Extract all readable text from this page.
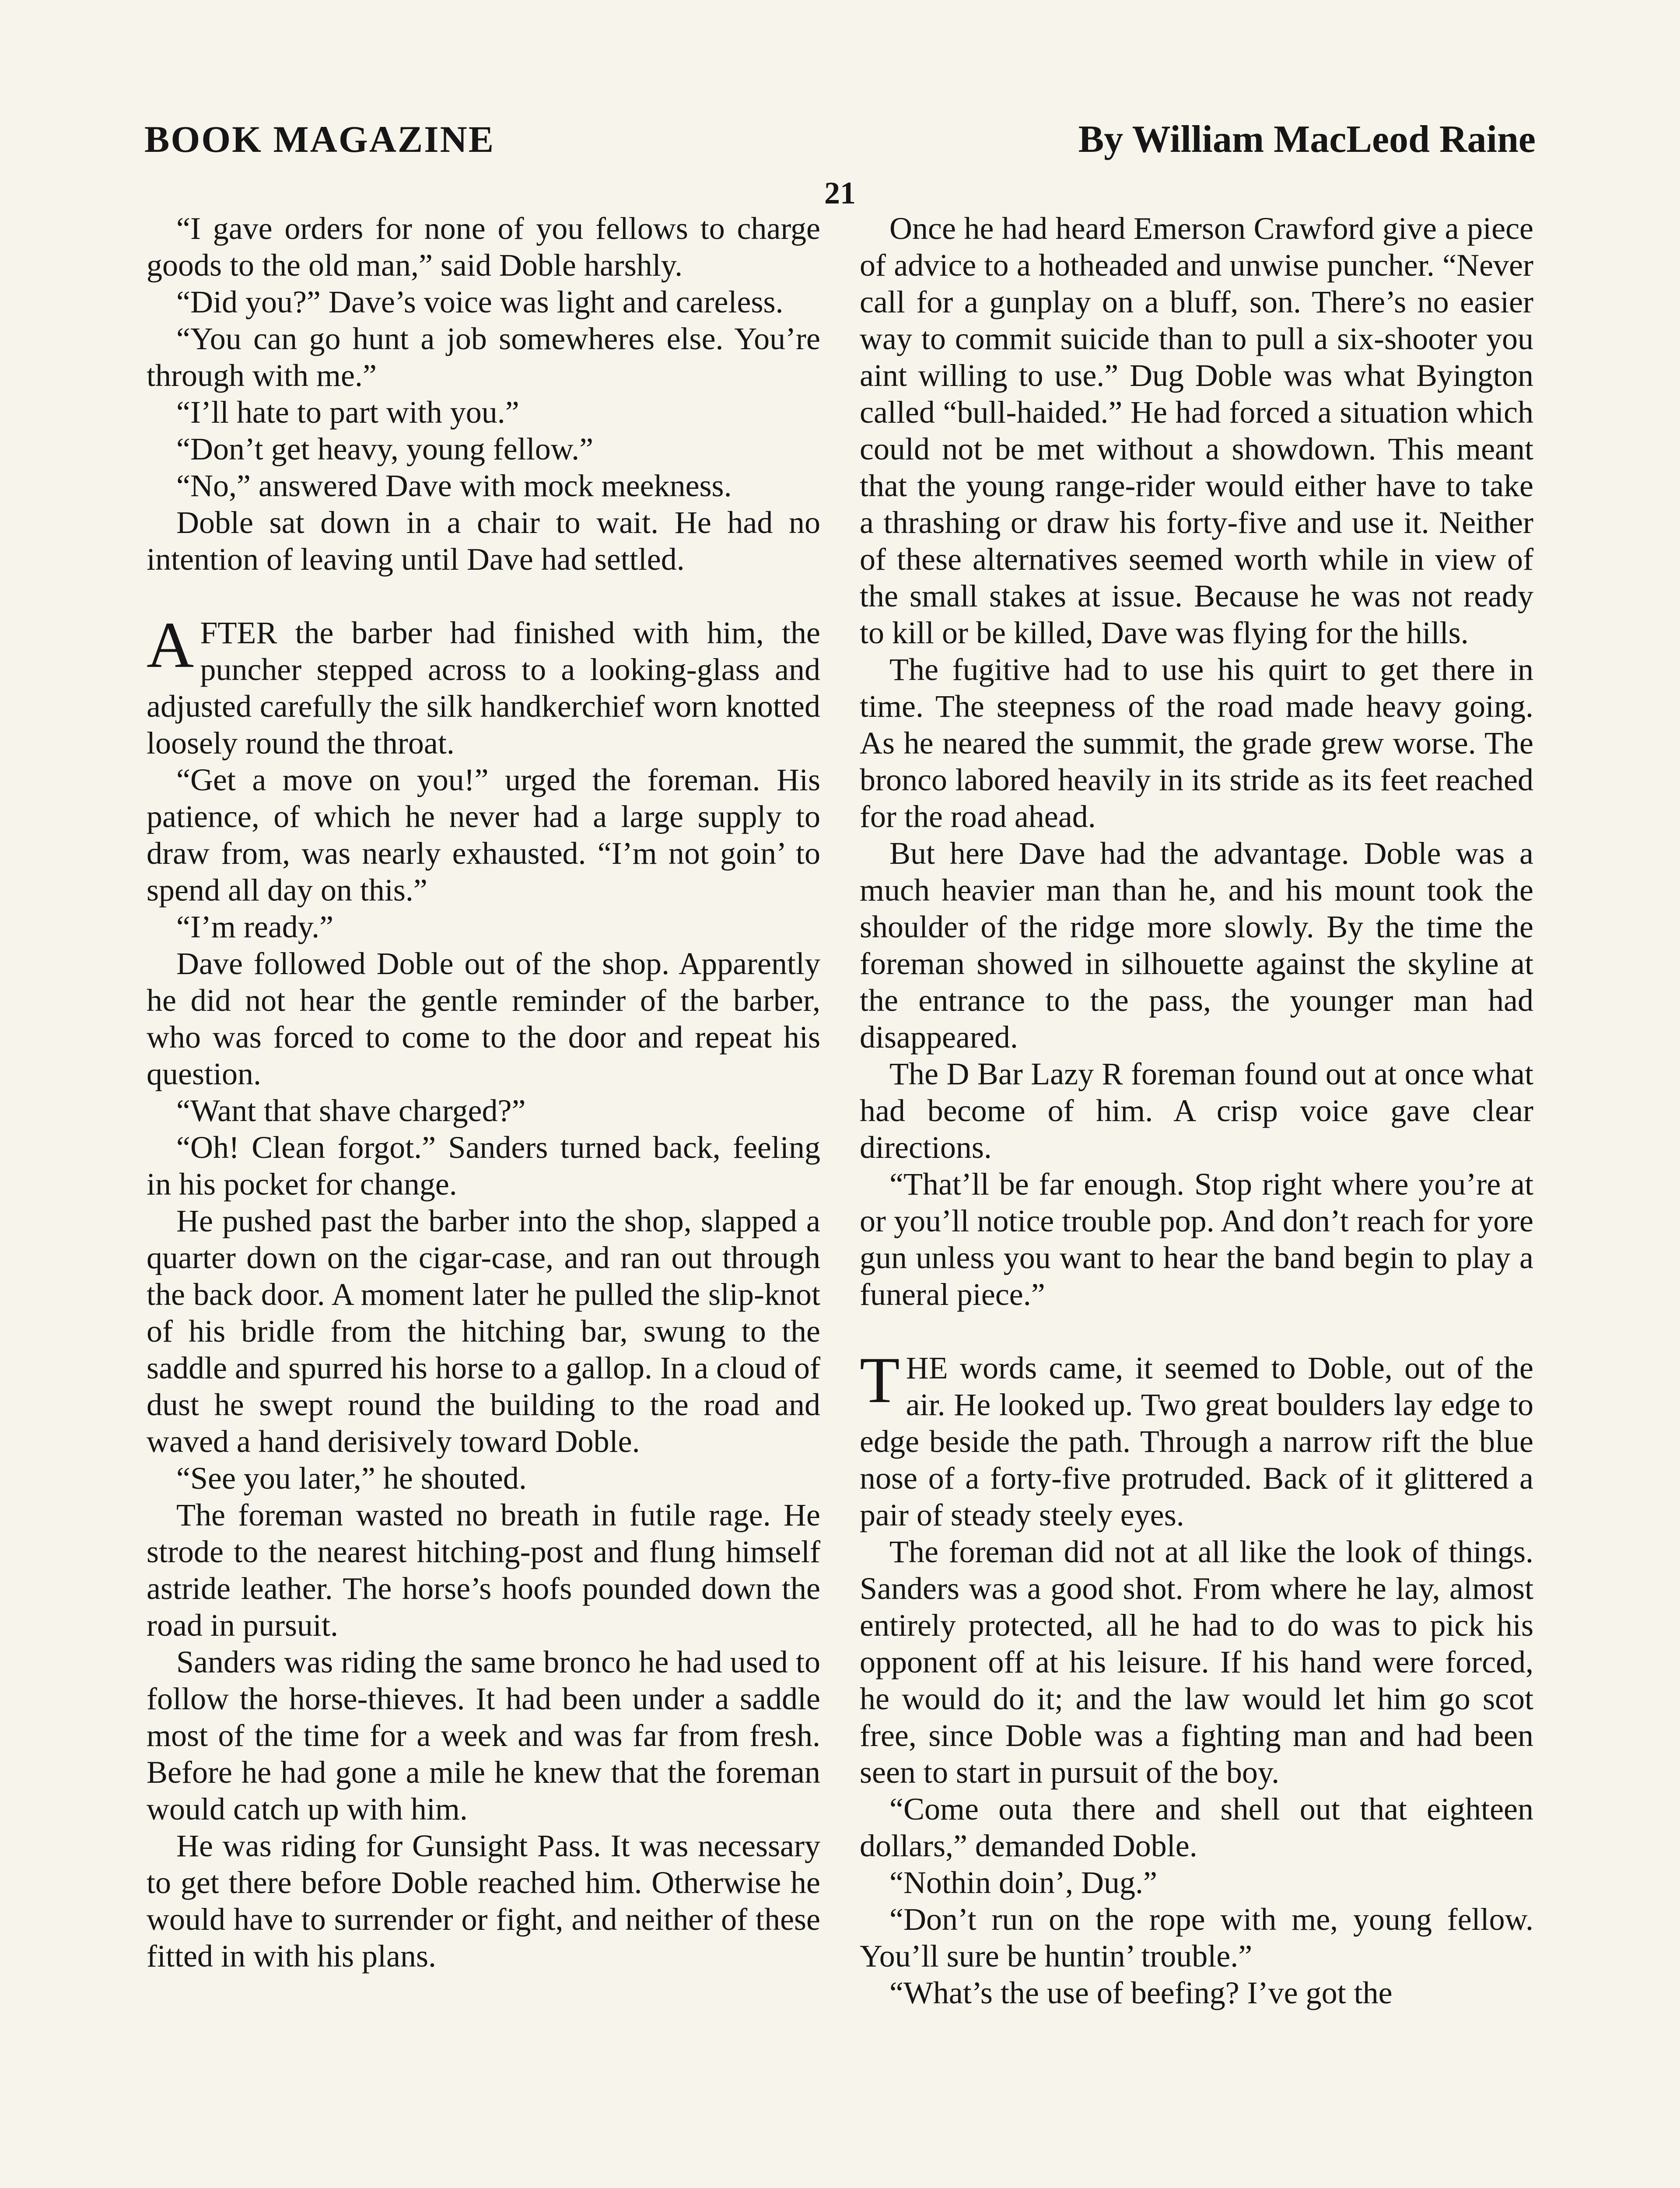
BOOK MAGAZINE	By William MacLeod Raine
21

“I gave orders for none of you fellows to charge goods to the old man,” said Doble harshly.

“Did you?” Dave’s voice was light and careless.

“You can go hunt a job somewheres else. You’re through with me.”

“I’ll hate to part with you.”

“Don’t get heavy, young fellow.”

“No,” answered Dave with mock meekness.

Doble sat down in a chair to wait. He had no intention of leaving until Dave had settled.

AFTER the barber had finished with him, the puncher stepped across to a looking-glass and adjusted carefully the silk handkerchief worn knotted loosely round the throat.

“Get a move on you!” urged the foreman. His patience, of which he never had a large supply to draw from, was nearly exhausted. “I’m not goin’ to spend all day on this.”

“I’m ready.”

Dave followed Doble out of the shop. Apparently he did not hear the gentle reminder of the barber, who was forced to come to the door and repeat his question.

“Want that shave charged?”

“Oh! Clean forgot.” Sanders turned back, feeling in his pocket for change.

He pushed past the barber into the shop, slapped a quarter down on the cigar-case, and ran out through the back door. A moment later he pulled the slip-knot of his bridle from the hitching bar, swung to the saddle and spurred his horse to a gallop. In a cloud of dust he swept round the building to the road and waved a hand derisively toward Doble.

“See you later,” he shouted.

The foreman wasted no breath in futile rage. He strode to the nearest hitching-post and flung himself astride leather. The horse’s hoofs pounded down the road in pursuit.

Sanders was riding the same bronco he had used to follow the horse-thieves. It had been under a saddle most of the time for a week and was far from fresh. Before he had gone a mile he knew that the foreman would catch up with him.

He was riding for Gunsight Pass. It was necessary to get there before Doble reached him. Otherwise he would have to surrender or fight, and neither of these fitted in with his plans.

Once he had heard Emerson Crawford give a piece of advice to a hotheaded and unwise puncher. “Never call for a gunplay on a bluff, son. There’s no easier way to commit suicide than to pull a six-shooter you aint willing to use.” Dug Doble was what Byington called “bull-haided.” He had forced a situation which could not be met without a showdown. This meant that the young range-rider would either have to take a thrashing or draw his forty-five and use it. Neither of these alternatives seemed worth while in view of the small stakes at issue. Because he was not ready to kill or be killed, Dave was flying for the hills.

The fugitive had to use his quirt to get there in time. The steepness of the road made heavy going. As he neared the summit, the grade grew worse. The bronco labored heavily in its stride as its feet reached for the road ahead.

But here Dave had the advantage. Doble was a much heavier man than he, and his mount took the shoulder of the ridge more slowly. By the time the foreman showed in silhouette against the skyline at the entrance to the pass, the younger man had disappeared.

The D Bar Lazy R foreman found out at once what had become of him. A crisp voice gave clear directions.

“That’ll be far enough. Stop right where you’re at or you’ll notice trouble pop. And don’t reach for yore gun unless you want to hear the band begin to play a funeral piece.”

THE words came, it seemed to Doble, out of the air. He looked up. Two great boulders lay edge to edge beside the path. Through a narrow rift the blue nose of a forty-five protruded. Back of it glittered a pair of steady steely eyes.

The foreman did not at all like the look of things. Sanders was a good shot. From where he lay, almost entirely protected, all he had to do was to pick his opponent off at his leisure. If his hand were forced, he would do it; and the law would let him go scot free, since Doble was a fighting man and had been seen to start in pursuit of the boy.

“Come outa there and shell out that eighteen dollars,” demanded Doble.

“Nothin doin’, Dug.”

“Don’t run on the rope with me, young fellow. You’ll sure be huntin’ trouble.”

“What’s the use of beefing? I’ve got the
